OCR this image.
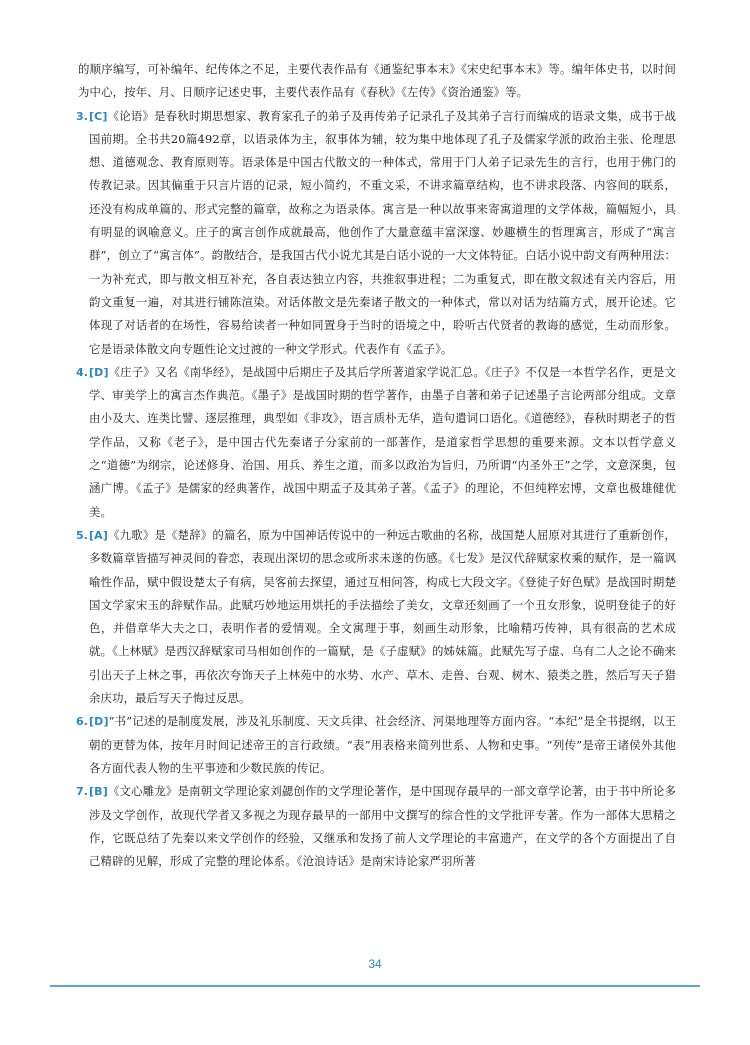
的顺序编写，可补编年、纪传体之不足，主要代表作品有《通鉴纪事本末》《宋史纪事本末》等。编年体史书，以时间为中心，按年、月、日顺序记述史事，主要代表作品有《春秋》《左传》《资治通鉴》等。
3. [C]《论语》是春秋时期思想家、教育家孔子的弟子及再传弟子记录孔子及其弟子言行而编成的语录文集，成书于战国前期。全书共20篇492章，以语录体为主，叙事体为辅，较为集中地体现了孔子及儒家学派的政治主张、伦理思想、道德观念、教育原则等。语录体是中国古代散文的一种体式，常用于门人弟子记录先生的言行，也用于佛门的传教记录。因其偏重于只言片语的记录，短小简约，不重文采，不讲求篇章结构，也不讲求段落、内容间的联系，还没有构成单篇的、形式完整的篇章，故称之为语录体。寓言是一种以故事来寄寓道理的文学体裁，篇幅短小，具有明显的讽喻意义。庄子的寓言创作成就最高，他创作了大量意蕴丰富深邃、妙趣横生的哲理寓言，形成了“寓言群”，创立了“寓言体”。韵散结合，是我国古代小说尤其是白话小说的一大文体特征。白话小说中韵文有两种用法：一为补充式，即与散文相互补充，各自表达独立内容，共推叙事进程；二为重复式，即在散文叙述有关内容后，用韵文重复一遍，对其进行铺陈渲染。对话体散文是先秦诸子散文的一种体式，常以对话为结篇方式，展开论述。它体现了对话者的在场性，容易给读者一种如同置身于当时的语境之中，聆听古代贤者的教诲的感觉，生动而形象。它是语录体散文向专题性论文过渡的一种文学形式。代表作有《孟子》。
4. [D]《庄子》又名《南华经》，是战国中后期庄子及其后学所著道家学说汇总。《庄子》不仅是一本哲学名作，更是文学、审美学上的寓言杰作典范。《墨子》是战国时期的哲学著作，由墨子自著和弟子记述墨子言论两部分组成。文章由小及大、连类比譬、逐层推理，典型如《非攻》，语言质朴无华，造句遣词口语化。《道德经》，春秋时期老子的哲学作品，又称《老子》，是中国古代先秦诸子分家前的一部著作，是道家哲学思想的重要来源。文本以哲学意义之“道德”为纲宗，论述修身、治国、用兵、养生之道，而多以政治为旨归，乃所谓“内圣外王”之学，文意深奥，包涵广博。《孟子》是儒家的经典著作，战国中期孟子及其弟子著。《孟子》的理论，不但纯粹宏博，文章也极雄健优美。
5. [A]《九歌》是《楚辞》的篇名，原为中国神话传说中的一种远古歌曲的名称，战国楚人屈原对其进行了重新创作，多数篇章皆描写神灵间的眷恋，表现出深切的思念或所求未遂的伤感。《七发》是汉代辞赋家枚乘的赋作，是一篇讽喻性作品，赋中假设楚太子有病，吴客前去探望，通过互相问答，构成七大段文字。《登徒子好色赋》是战国时期楚国文学家宋玉的辞赋作品。此赋巧妙地运用烘托的手法描绘了美女，文章还刻画了一个丑女形象，说明登徒子的好色，并借章华大夫之口，表明作者的爱情观。全文寓理于事，刻画生动形象，比喻精巧传神，具有很高的艺术成就。《上林赋》是西汉辞赋家司马相如创作的一篇赋，是《子虚赋》的姊妹篇。此赋先写子虚、乌有二人之论不确来引出天子上林之事，再依次夸饰天子上林苑中的水势、水产、草木、走兽、台观、树木、猿类之胜，然后写天子猎余庆功，最后写天子悔过反思。
6. [D]“书”记述的是制度发展，涉及礼乐制度、天文兵律、社会经济、河渠地理等方面内容。“本纪”是全书提纲，以王朝的更替为体，按年月时间记述帝王的言行政绩。“表”用表格来简列世系、人物和史事。“列传”是帝王诸侯外其他各方面代表人物的生平事迹和少数民族的传记。
7. [B]《文心雕龙》是南朝文学理论家刘勰创作的文学理论著作，是中国现存最早的一部文章学论著，由于书中所论多涉及文学创作，故现代学者又多视之为现存最早的一部用中文撰写的综合性的文学批评专著。作为一部体大思精之作，它既总结了先秦以来文学创作的经验，又继承和发扬了前人文学理论的丰富遗产，在文学的各个方面提出了自己精辟的见解，形成了完整的理论体系。《沧浪诗话》是南宋诗论家严羽所著
34
